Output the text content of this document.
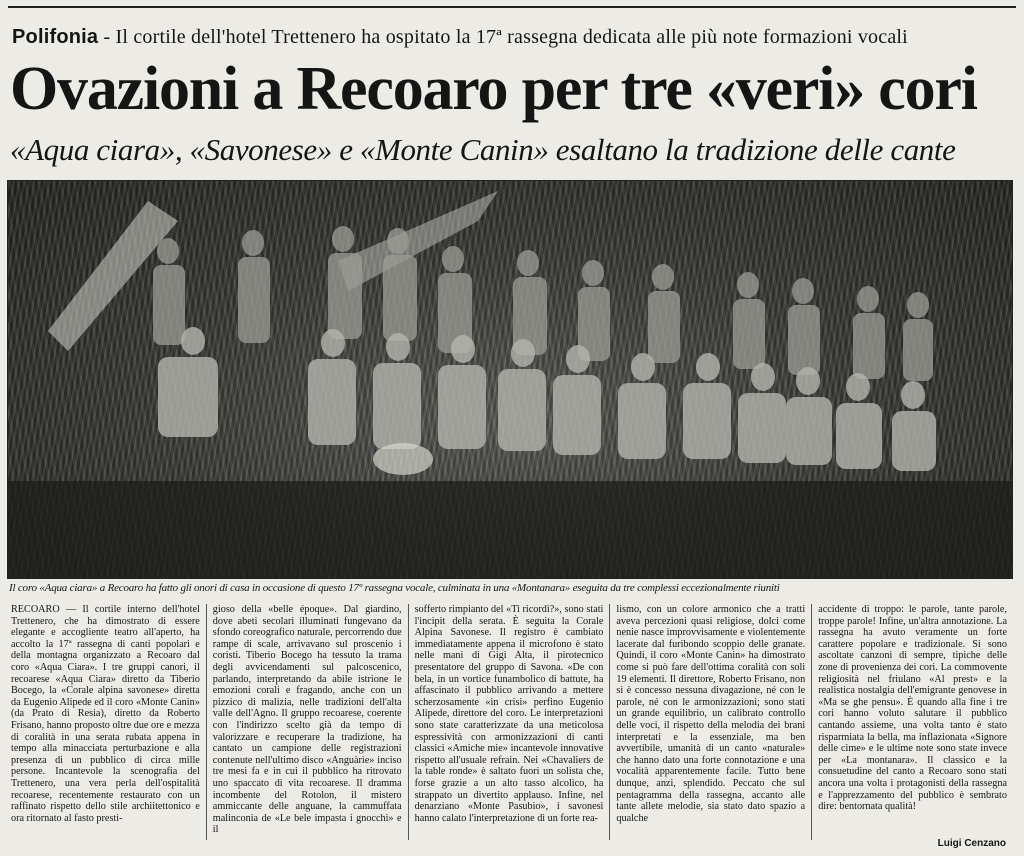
Polifonia - Il cortile dell'hotel Trettenero ha ospitato la 17ª rassegna dedicata alle più note formazioni vocali
Ovazioni a Recoaro per tre «veri» cori
«Aqua ciara», «Savonese» e «Monte Canin» esaltano la tradizione delle cante
Il coro «Aqua ciara» a Recoaro ha fatto gli onori di casa in occasione di questo 17º rassegna vocale, culminata in una «Montanara» eseguita da tre complessi eccezionalmente riuniti

RECOARO — Il cortile interno dell'hotel Trettenero, che ha dimostrato di essere elegante e accogliente teatro all'aperto, ha accolto la 17ª rassegna di canti popolari e della montagna organizzato a Recoaro dal coro «Aqua Ciara». I tre gruppi canori, il recoarese «Aqua Ciara» diretto da Tiberio Bocego, la «Corale alpina savonese» diretta da Eugenio Alipede ed il coro «Monte Canin» (da Prato di Resia), diretto da Roberto Frisano, hanno proposto oltre due ore e mezza di coralità in una serata rubata appena in tempo alla minacciata perturbazione e alla presenza di un pubblico di circa mille persone. Incantevole la scenografia del Trettenero, una vera perla dell'ospitalità recoarese, recentemente restaurato con un raffinato rispetto dello stile archiitettonico e ora ritornato al fasto presti-

gioso della «belle époque». Dal giardino, dove abeti secolari illuminati fungevano da sfondo coreografico naturale, percorrendo due rampe di scale, arrivavano sul proscenio i coristi. Tiberio Bocego ha tessuto la trama degli avvicendamenti sul palcoscenico, parlando, interpretando da abile istrione le emozioni corali e fragando, anche con un pizzico di malizia, nelle tradizioni dell'alta valle dell'Agno. Il gruppo recoarese, coerente con l'indirizzo scelto già da tempo di valorizzare e recuperare la tradizione, ha cantato un campione delle registrazioni contenute nell'ultimo disco «Anguàrie» inciso tre mesi fa e in cui il pubblico ha ritrovato uno spaccato di vita recoarese. Il dramma incombente del Rotolon, il mistero ammiccante delle anguane, la cammuffata malinconia de «Le bele impasta i gnocchi» e il

sofferto rimpianto del «Ti ricordi?», sono stati l'incipit della serata. È seguita la Corale Alpina Savonese. Il registro è cambiato immediatamente appena il microfono è stato nelle mani di Gigi Alta, il pirotecnico presentatore del gruppo di Savona. «De con bela, in un vortice funambolico di battute, ha affascinato il pubblico arrivando a mettere scherzosamente «in crisi» perfino Eugenio Alipede, direttore del coro. Le interpretazioni sono state caratterizzate da una meticolosa espressività con armonizzazioni di canti classici «Amiche mie» incantevole innovative rispetto all'usuale refrain. Nei «Chavaliers de la table ronde» è saltato fuori un solista che, forse grazie a un alto tasso alcolico, ha strappato un divertito applauso. Infine, nel denarziano «Monte Pasubio», i savonesi hanno calato l'interpretazione di un forte rea-

lismo, con un colore armonico che a tratti aveva percezioni quasi religiose, dolci come nenie nasce improvvisamente e violentemente lacerate dal furibondo scoppio delle granate. Quindi, il coro «Monte Canin» ha dimostrato come si può fare dell'ottima coralità con soli 19 elementi. Il direttore, Roberto Frisano, non si è concesso nessuna divagazione, né con le parole, né con le armonizzazioni; sono stati un grande equilibrio, un calibrato controllo delle voci, il rispetto della melodia dei brani interpretati e la essenziale, ma ben avvertibile, umanità di un canto «naturale» che hanno dato una forte connotazione e una vocalità apparentemente facile. Tutto bene dunque, anzi, splendido. Peccato che sul pentagramma della rassegna, accanto alle tante allete melodie, sia stato dato spazio a qualche

accidente di troppo: le parole, tante parole, troppe parole! Infine, un'altra annotazione. La rassegna ha avuto veramente un forte carattere popolare e tradizionale. Si sono ascoltate canzoni di sempre, tipiche delle zone di provenienza dei cori. La commovente religiosità nel friulano «Al prest» e la realistica nostalgia dell'emigrante genovese in «Ma se ghe pensu». È quando alla fine i tre cori hanno voluto salutare il pubblico cantando assieme, una volta tanto è stato risparmiata la bella, ma inflazionata «Signore delle cime» e le ultime note sono state invece per «La montanara». Il classico e la consuetudine del canto a Recoaro sono stati ancora una volta i protagonisti della rassegna e l'apprezzamento del pubblico è sembrato dire: bentornata qualità!

Luigi Cenzano
